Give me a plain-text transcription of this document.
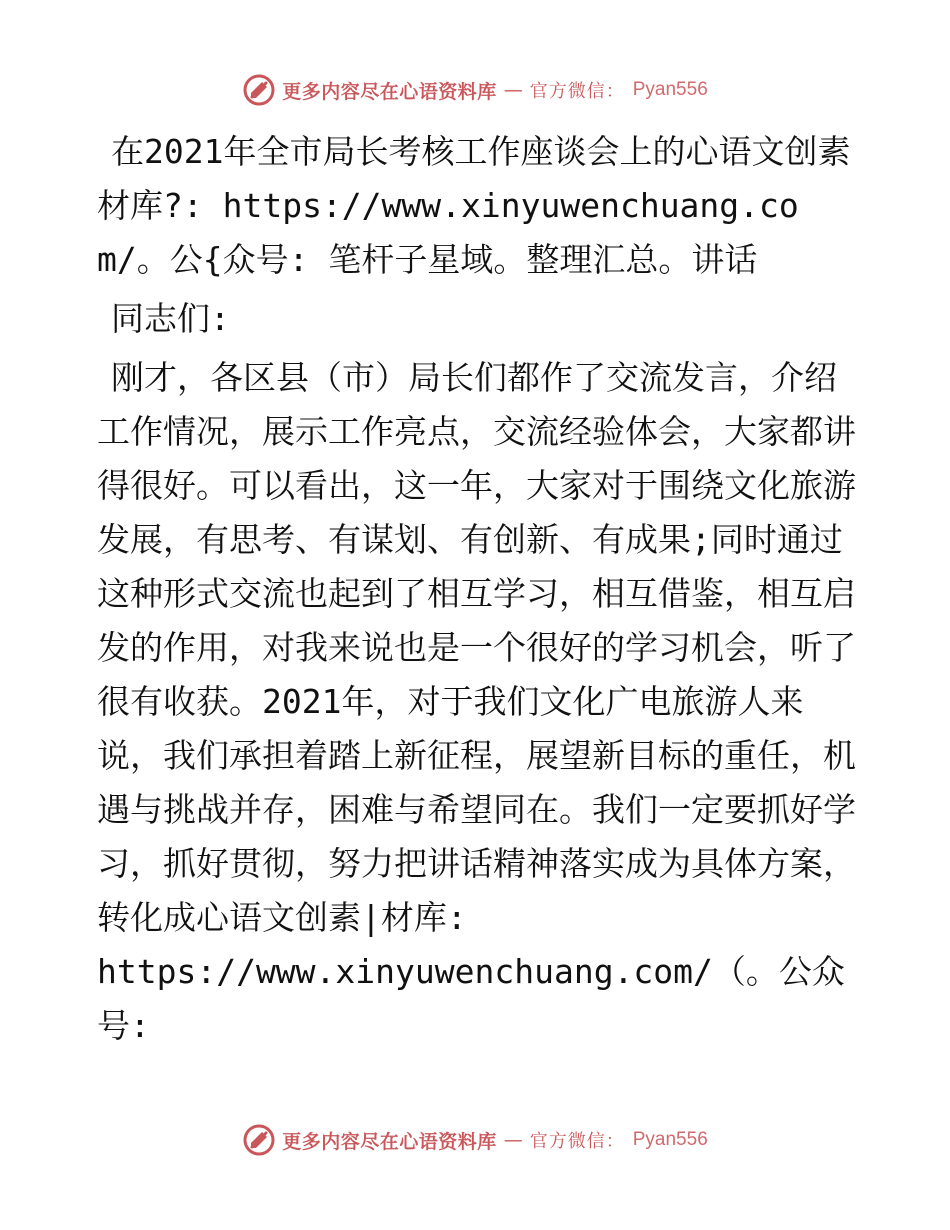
更多内容尽在心语资料库 — 官方微信： Pyan556

在2021年全市局长考核工作座谈会上的心语文创素材库?: https://www.xinyuwenchuang.com/。公{众号: 笔杆子星域。整理汇总。讲话

同志们:

刚才，各区县（市）局长们都作了交流发言，介绍工作情况，展示工作亮点，交流经验体会，大家都讲得很好。可以看出，这一年，大家对于围绕文化旅游发展，有思考、有谋划、有创新、有成果;同时通过这种形式交流也起到了相互学习，相互借鉴，相互启发的作用，对我来说也是一个很好的学习机会，听了很有收获。2021年，对于我们文化广电旅游人来说，我们承担着踏上新征程，展望新目标的重任，机遇与挑战并存，困难与希望同在。我们一定要抓好学习，抓好贯彻，努力把讲话精神落实成为具体方案，转化成心语文创素|材库:

https://www.xinyuwenchuang.com/（。公众号:

更多内容尽在心语资料库 — 官方微信： Pyan556
